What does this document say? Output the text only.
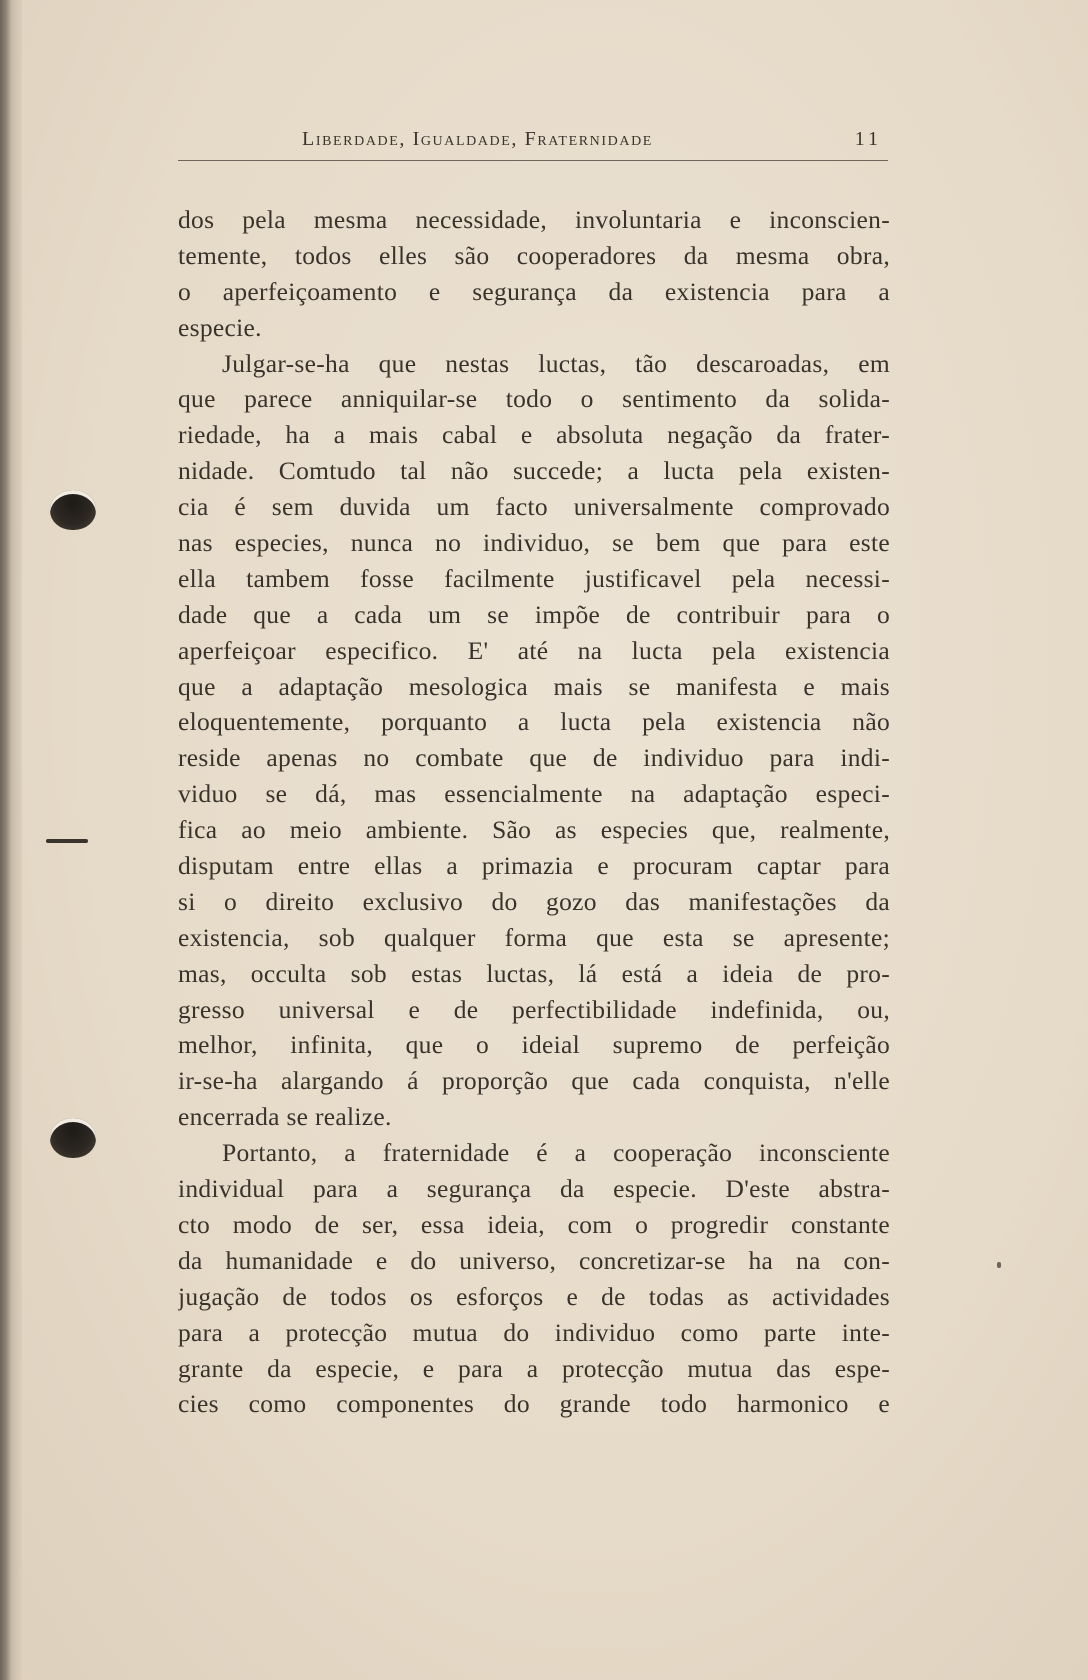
Liberdade, Igualdade, Fraternidade	11
dos pela mesma necessidade, involuntaria e inconscien-
temente, todos elles são cooperadores da mesma obra,
o aperfeiçoamento e segurança da existencia para a
especie.
Julgar-se-ha que nestas luctas, tão descaroadas, em
que parece anniquilar-se todo o sentimento da solida-
riedade, ha a mais cabal e absoluta negação da frater-
nidade. Comtudo tal não succede; a lucta pela existen-
cia é sem duvida um facto universalmente comprovado
nas especies, nunca no individuo, se bem que para este
ella tambem fosse facilmente justificavel pela necessi-
dade que a cada um se impõe de contribuir para o
aperfeiçoar especifico. E' até na lucta pela existencia
que a adaptação mesologica mais se manifesta e mais
eloquentemente, porquanto a lucta pela existencia não
reside apenas no combate que de individuo para indi-
viduo se dá, mas essencialmente na adaptação especi-
fica ao meio ambiente. São as especies que, realmente,
disputam entre ellas a primazia e procuram captar para
si o direito exclusivo do gozo das manifestações da
existencia, sob qualquer forma que esta se apresente;
mas, occulta sob estas luctas, lá está a ideia de pro-
gresso universal e de perfectibilidade indefinida, ou,
melhor, infinita, que o ideial supremo de perfeição
ir-se-ha alargando á proporção que cada conquista, n'elle
encerrada se realize.
Portanto, a fraternidade é a cooperação inconsciente
individual para a segurança da especie. D'este abstra-
cto modo de ser, essa ideia, com o progredir constante
da humanidade e do universo, concretizar-se ha na con-
jugação de todos os esforços e de todas as actividades
para a protecção mutua do individuo como parte inte-
grante da especie, e para a protecção mutua das espe-
cies como componentes do grande todo harmonico e
